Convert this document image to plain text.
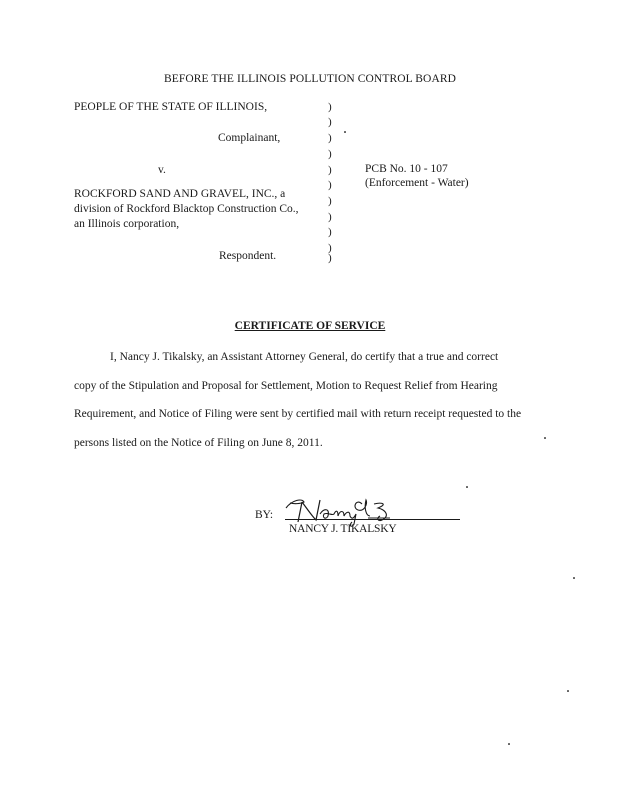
BEFORE THE ILLINOIS POLLUTION CONTROL BOARD
PEOPLE OF THE STATE OF ILLINOIS,
Complainant,
v.
ROCKFORD SAND AND GRAVEL, INC., a
division of Rockford Blacktop Construction Co.,
an Illinois corporation,
Respondent.
)
)
)
)
)
)
)
)
)
)
)
PCB No. 10 - 107
(Enforcement - Water)
CERTIFICATE OF SERVICE
I, Nancy J. Tikalsky, an Assistant Attorney General, do certify that a true and correct
copy of the Stipulation and Proposal for Settlement, Motion to Request Relief from Hearing
Requirement, and Notice of Filing were sent by certified mail with return receipt requested to the
persons listed on the Notice of Filing on June 8, 2011.
BY:
NANCY J. TIKALSKY
